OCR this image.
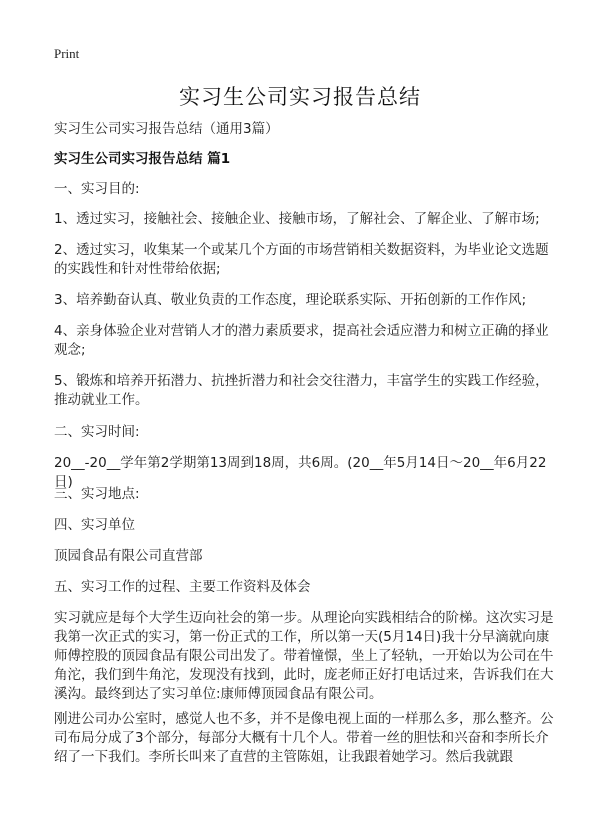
Print
实习生公司实习报告总结
实习生公司实习报告总结（通用3篇）
实习生公司实习报告总结 篇1
一、实习目的:
1、透过实习，接触社会、接触企业、接触市场，了解社会、了解企业、了解市场;
2、透过实习，收集某一个或某几个方面的市场营销相关数据资料，为毕业论文选题的实践性和针对性带给依据;
3、培养勤奋认真、敬业负责的工作态度，理论联系实际、开拓创新的工作作风;
4、亲身体验企业对营销人才的潜力素质要求，提高社会适应潜力和树立正确的择业观念;
5、锻炼和培养开拓潜力、抗挫折潜力和社会交往潜力，丰富学生的实践工作经验，推动就业工作。
二、实习时间:
20__-20__学年第2学期第13周到18周，共6周。(20__年5月14日～20__年6月22日)
三、实习地点:
四、实习单位
顶园食品有限公司直营部
五、实习工作的过程、主要工作资料及体会
实习就应是每个大学生迈向社会的第一步。从理论向实践相结合的阶梯。这次实习是我第一次正式的实习，第一份正式的工作，所以第一天(5月14日)我十分早滴就向康师傅控股的顶园食品有限公司出发了。带着憧憬，坐上了轻轨，一开始以为公司在牛角沱，我们到牛角沱，发现没有找到，此时，庞老师正好打电话过来，告诉我们在大溪沟。最终到达了实习单位:康师傅顶园食品有限公司。
刚进公司办公室时，感觉人也不多，并不是像电视上面的一样那么多，那么整齐。公司布局分成了3个部分，每部分大概有十几个人。带着一丝的胆怯和兴奋和李所长介绍了一下我们。李所长叫来了直营的主管陈姐，让我跟着她学习。然后我就跟
